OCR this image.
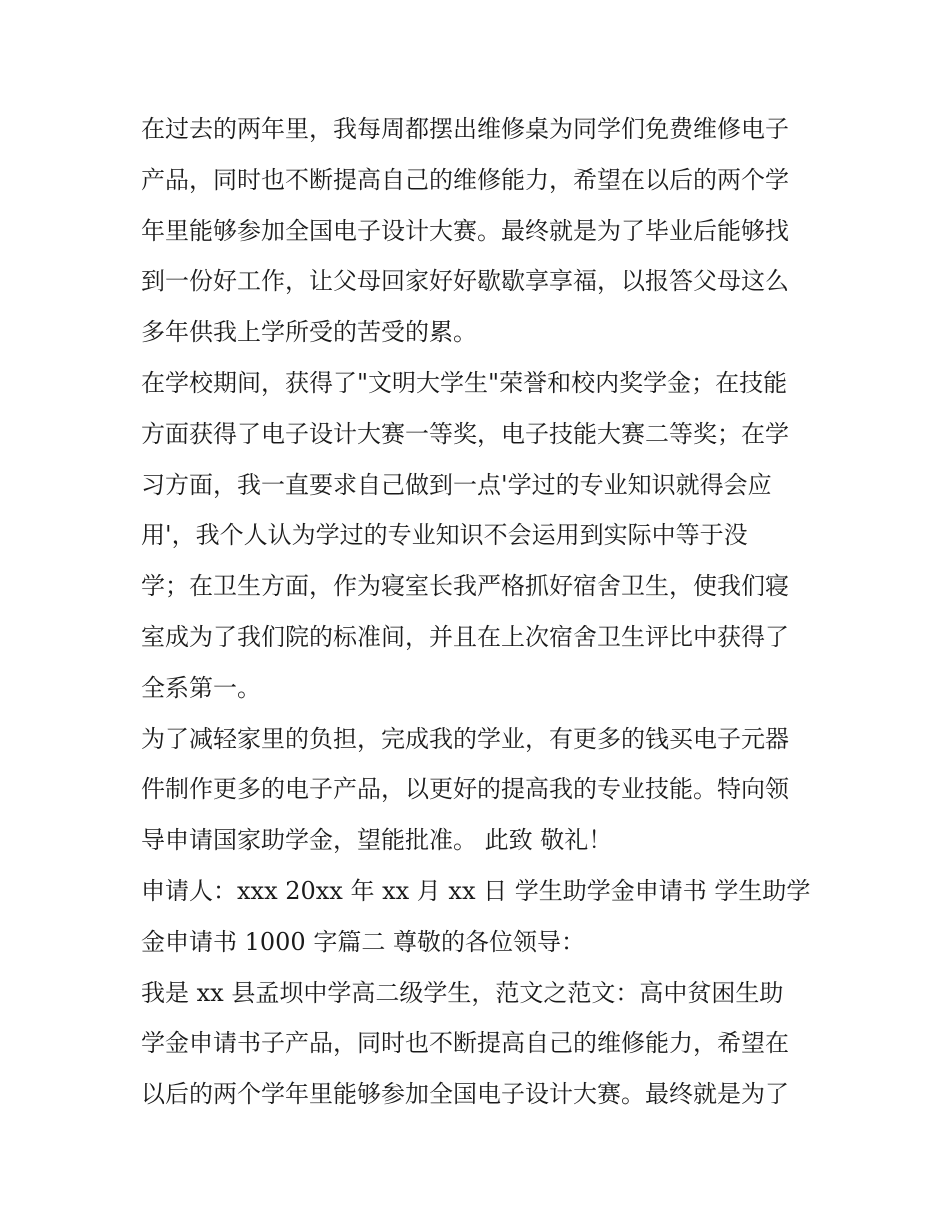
在过去的两年里，我每周都摆出维修桌为同学们免费维修电子
产品，同时也不断提高自己的维修能力，希望在以后的两个学
年里能够参加全国电子设计大赛。最终就是为了毕业后能够找
到一份好工作，让父母回家好好歇歇享享福，以报答父母这么
多年供我上学所受的苦受的累。
在学校期间，获得了"文明大学生"荣誉和校内奖学金；在技能
方面获得了电子设计大赛一等奖，电子技能大赛二等奖；在学
习方面，我一直要求自己做到一点'学过的专业知识就得会应
用'，我个人认为学过的专业知识不会运用到实际中等于没
学；在卫生方面，作为寝室长我严格抓好宿舍卫生，使我们寝
室成为了我们院的标准间，并且在上次宿舍卫生评比中获得了
全系第一。
为了减轻家里的负担，完成我的学业，有更多的钱买电子元器
件制作更多的电子产品，以更好的提高我的专业技能。特向领
导申请国家助学金，望能批准。 此致 敬礼！
申请人：xxx 20xx 年 xx 月 xx 日 学生助学金申请书 学生助学
金申请书 1000 字篇二 尊敬的各位领导：
我是 xx 县孟坝中学高二级学生，范文之范文：高中贫困生助
学金申请书子产品，同时也不断提高自己的维修能力，希望在
以后的两个学年里能够参加全国电子设计大赛。最终就是为了
